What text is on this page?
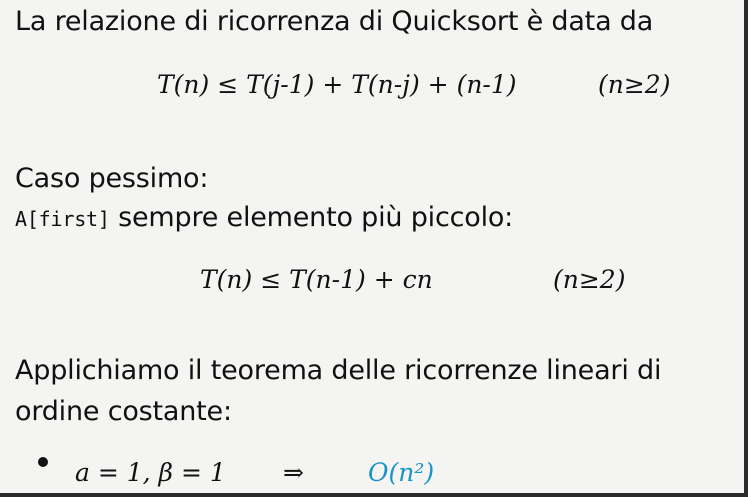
La relazione di ricorrenza di Quicksort è data da
T(n) ≤ T(j-1) + T(n-j) + (n-1)	(n≥2)
Caso pessimo:
A[first] sempre elemento più piccolo:
T(n) ≤ T(n-1) + cn	(n≥2)
Applichiamo il teorema delle ricorrenze lineari di
ordine costante:
a = 1, β = 1 ⇒	O(n²)
